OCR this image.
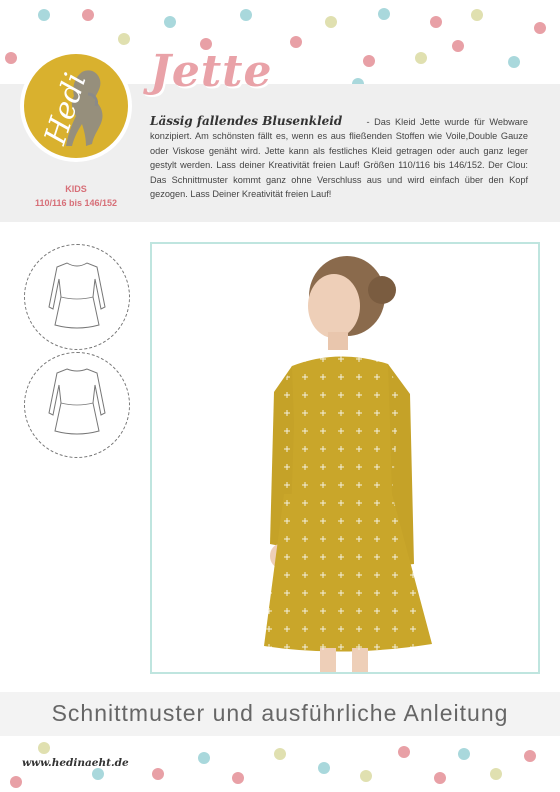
Hedi Jette
Lässig fallendes Blusenkleid - Das Kleid Jette wurde für Webware konzipiert. Am schönsten fällt es, wenn es aus fließenden Stoffen wie Voile,Double Gauze oder Viskose genäht wird. Jette kann als festliches Kleid getragen oder auch ganz leger gestylt werden. Lass deiner Kreativität freien Lauf! Größen 110/116 bis 146/152. Der Clou: Das Schnittmuster kommt ganz ohne Verschluss aus und wird einfach über den Kopf gezogen. Lass Deiner Kreativität freien Lauf!
KIDS
110/116 bis 146/152
Schnittmuster und ausführliche Anleitung
www.hedinaeht.de
